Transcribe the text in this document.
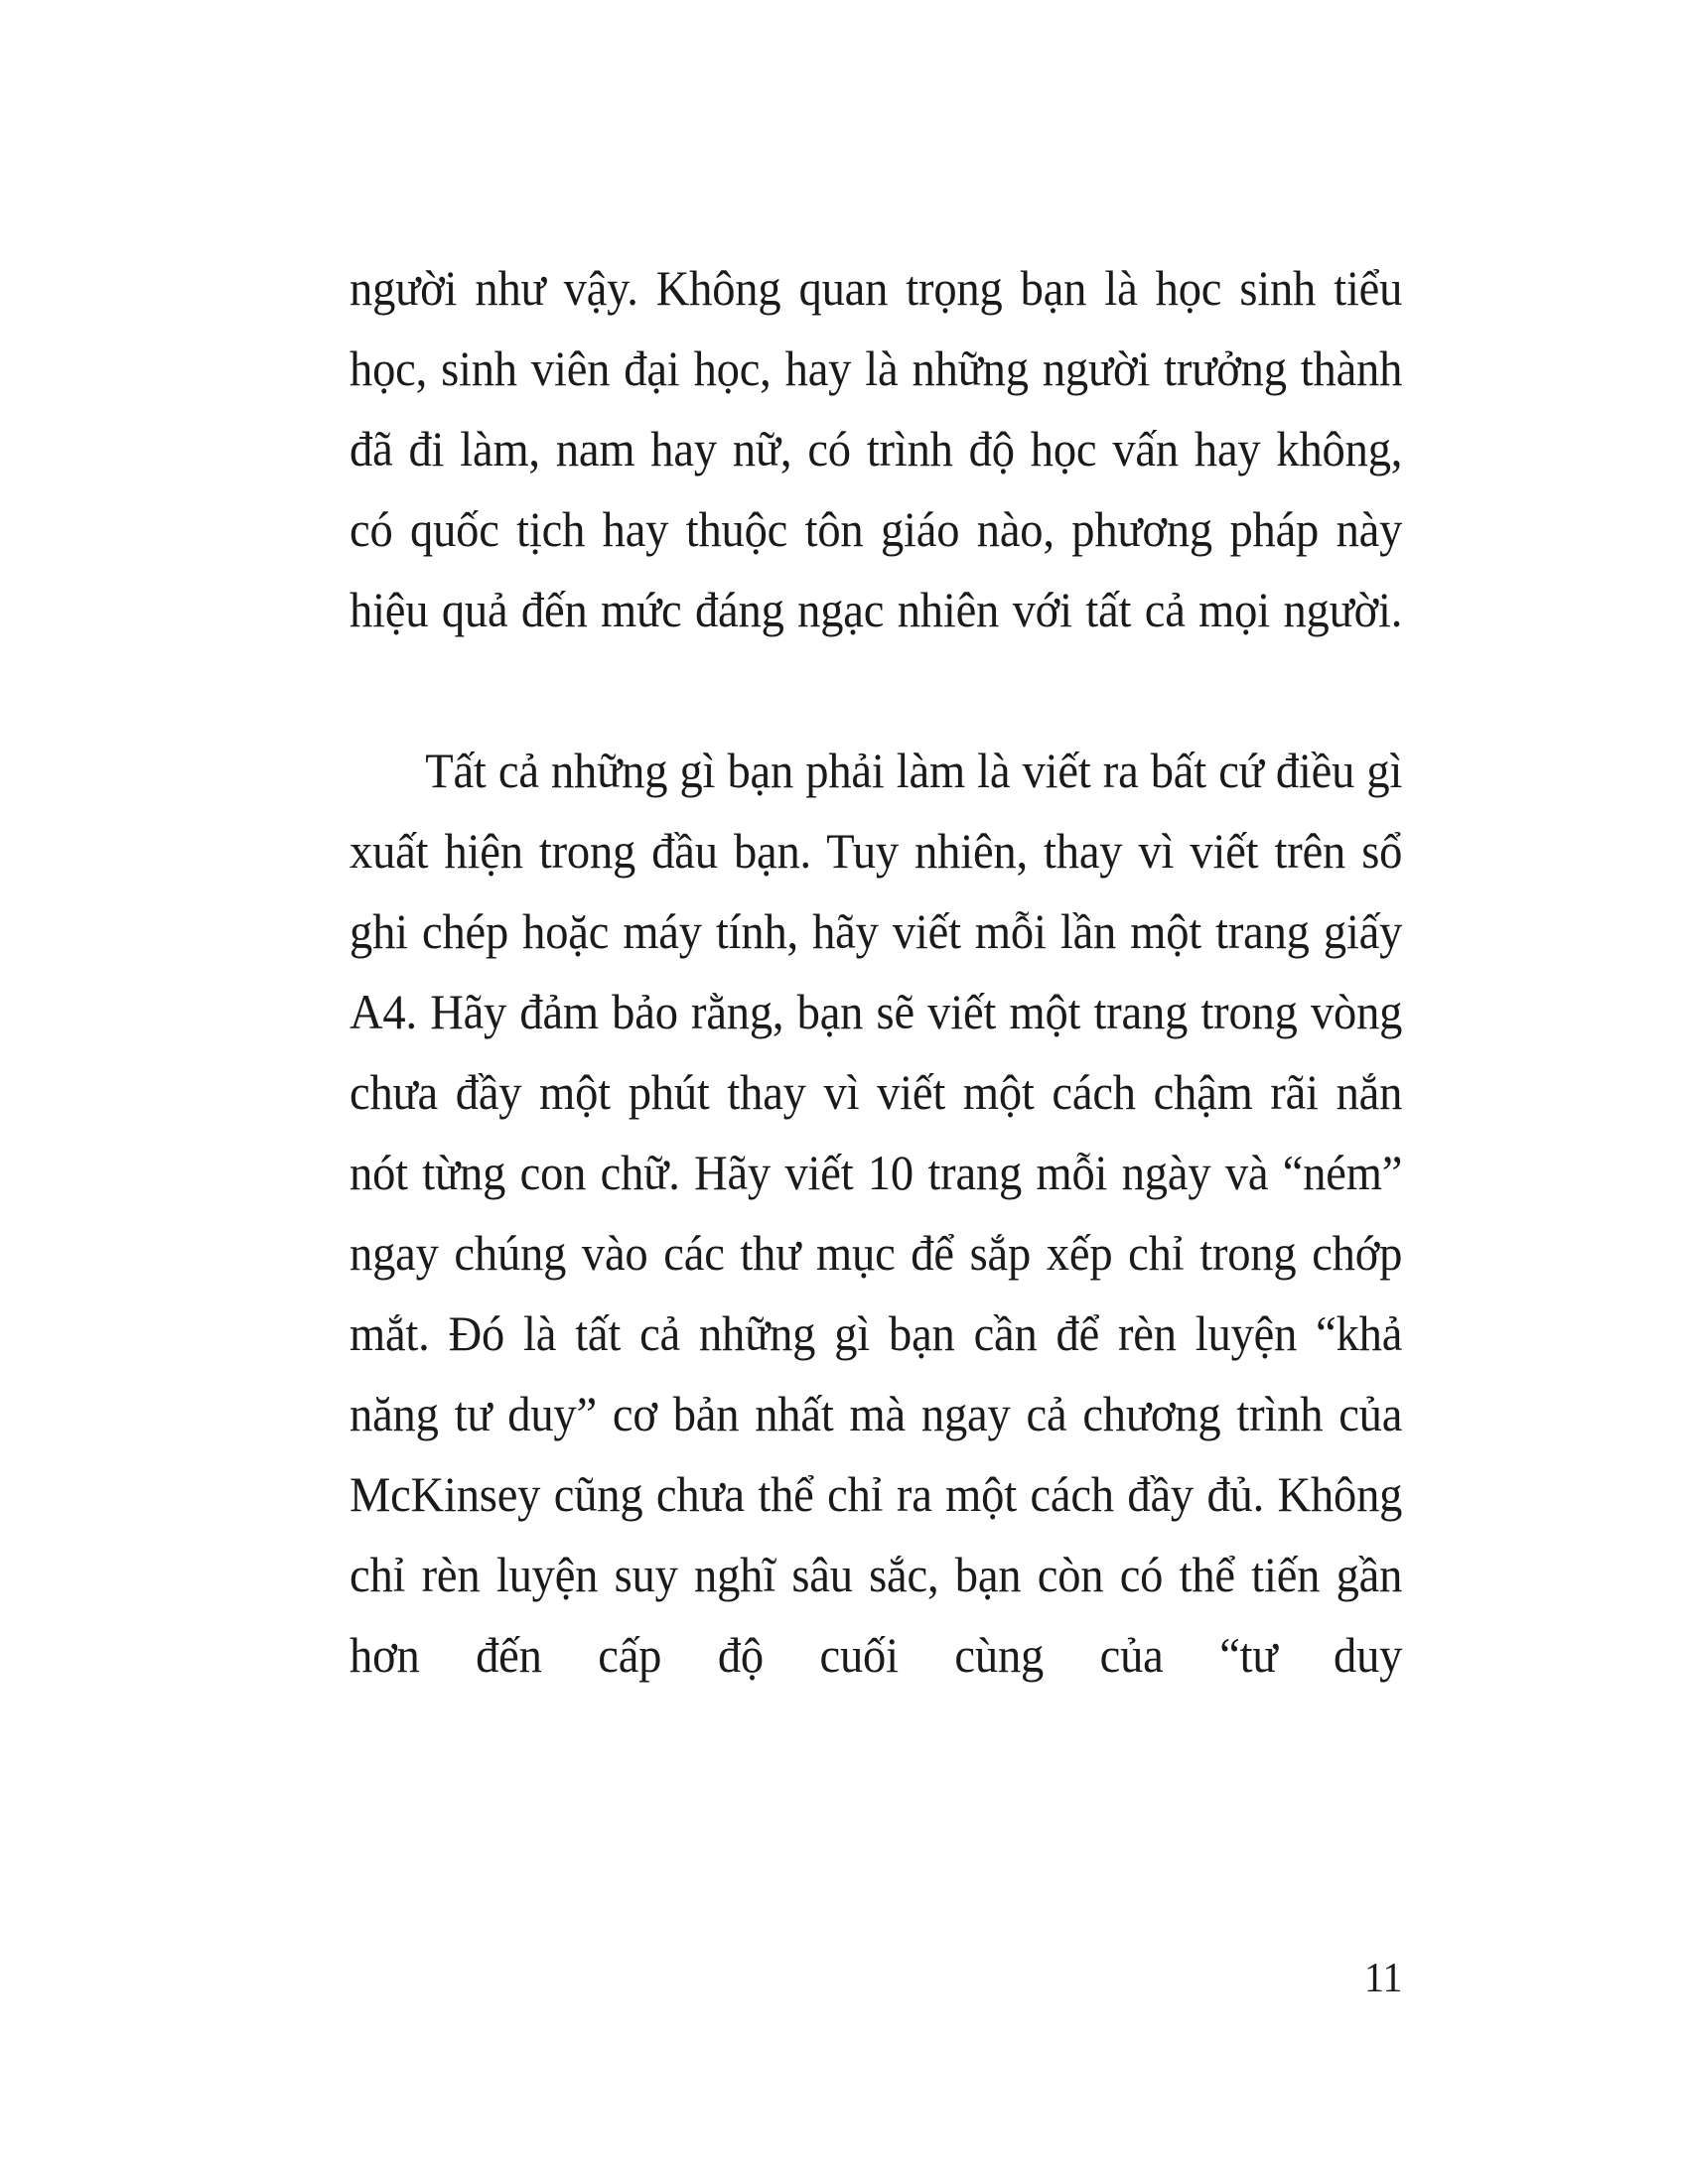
người như vậy. Không quan trọng bạn là học sinh tiểu học, sinh viên đại học, hay là những người trưởng thành đã đi làm, nam hay nữ, có trình độ học vấn hay không, có quốc tịch hay thuộc tôn giáo nào, phương pháp này hiệu quả đến mức đáng ngạc nhiên với tất cả mọi người.

Tất cả những gì bạn phải làm là viết ra bất cứ điều gì xuất hiện trong đầu bạn. Tuy nhiên, thay vì viết trên sổ ghi chép hoặc máy tính, hãy viết mỗi lần một trang giấy A4. Hãy đảm bảo rằng, bạn sẽ viết một trang trong vòng chưa đầy một phút thay vì viết một cách chậm rãi nắn nót từng con chữ. Hãy viết 10 trang mỗi ngày và “ném” ngay chúng vào các thư mục để sắp xếp chỉ trong chớp mắt. Đó là tất cả những gì bạn cần để rèn luyện “khả năng tư duy” cơ bản nhất mà ngay cả chương trình của McKinsey cũng chưa thể chỉ ra một cách đầy đủ. Không chỉ rèn luyện suy nghĩ sâu sắc, bạn còn có thể tiến gần hơn đến cấp độ cuối cùng của “tư duy

11
